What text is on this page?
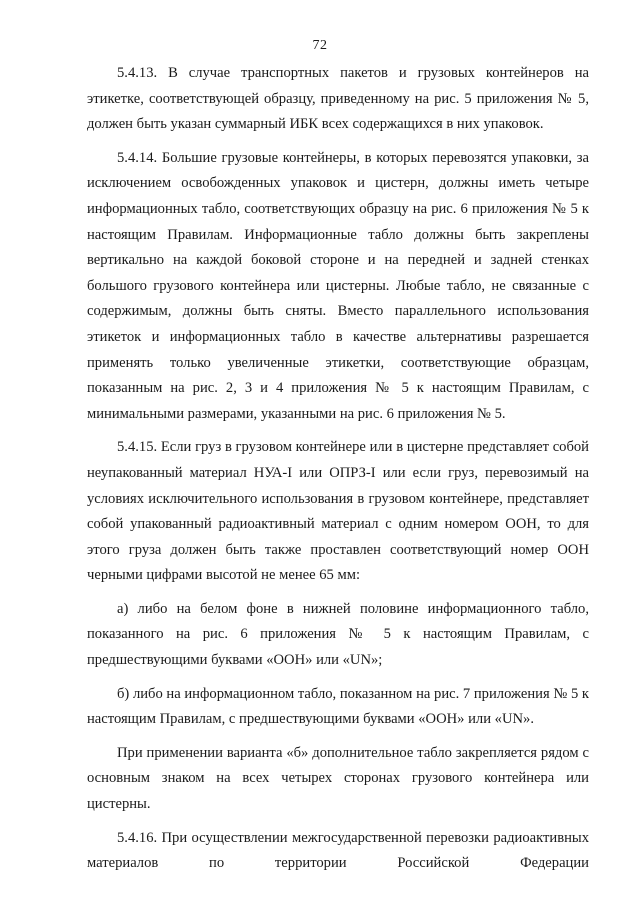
72

5.4.13. В случае транспортных пакетов и грузовых контейнеров на этикетке, соответствующей образцу, приведенному на рис. 5 приложения № 5, должен быть указан суммарный ИБК всех содержащихся в них упаковок.

5.4.14. Большие грузовые контейнеры, в которых перевозятся упаковки, за исключением освобожденных упаковок и цистерн, должны иметь четыре информационных табло, соответствующих образцу на рис. 6 приложения № 5 к настоящим Правилам. Информационные табло должны быть закреплены вертикально на каждой боковой стороне и на передней и задней стенках большого грузового контейнера или цистерны. Любые табло, не связанные с содержимым, должны быть сняты. Вместо параллельного использования этикеток и информационных табло в качестве альтернативы разрешается применять только увеличенные этикетки, соответствующие образцам, показанным на рис. 2, 3 и 4 приложения № 5 к настоящим Правилам, с минимальными размерами, указанными на рис. 6 приложения № 5.

5.4.15. Если груз в грузовом контейнере или в цистерне представляет собой неупакованный материал НУА-I или ОПРЗ-I или если груз, перевозимый на условиях исключительного использования в грузовом контейнере, представляет собой упакованный радиоактивный материал с одним номером ООН, то для этого груза должен быть также проставлен соответствующий номер ООН черными цифрами высотой не менее 65 мм:

а) либо на белом фоне в нижней половине информационного табло, показанного на рис. 6 приложения № 5 к настоящим Правилам, с предшествующими буквами «ООН» или «UN»;

б) либо на информационном табло, показанном на рис. 7 приложения № 5 к настоящим Правилам, с предшествующими буквами «ООН» или «UN».

При применении варианта «б» дополнительное табло закрепляется рядом с основным знаком на всех четырех сторонах грузового контейнера или цистерны.

5.4.16. При осуществлении межгосударственной перевозки радиоактивных материалов по территории Российской Федерации
